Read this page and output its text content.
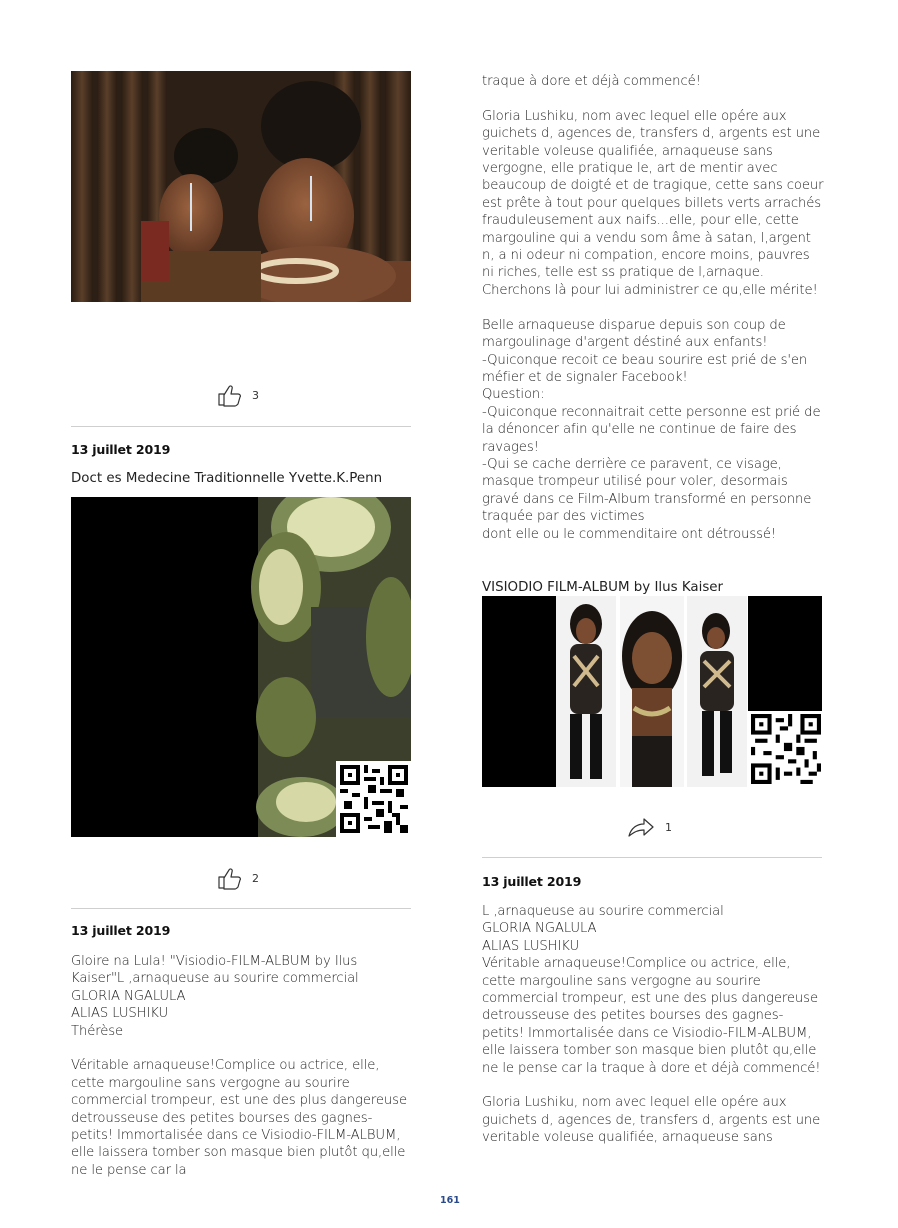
3
13 juillet 2019
Doct es Medecine Traditionnelle Yvette.K.Penn
2
13 juillet 2019
Gloire na Lula! "Visiodio-FILM-ALBUM by Ilus Kaiser"L ,arnaqueuse au sourire commercial
GLORIA NGALULA
ALIAS LUSHIKU
Thérèse

Véritable arnaqueuse!Complice ou actrice, elle, cette margouline sans vergogne au sourire commercial trompeur, est une des plus dangereuse detrousseuse des petites bourses des gagnes-petits! Immortalisée dans ce Visiodio-FILM-ALBUM, elle laissera tomber son masque bien plutôt qu,elle ne le pense car la
traque à dore et déjà commencé!

Gloria Lushiku, nom avec lequel elle opére aux guichets d, agences de, transfers d, argents est une veritable voleuse qualifiée, arnaqueuse sans vergogne, elle pratique le, art de mentir avec beaucoup de doigté et de tragique, cette sans coeur est prête à tout pour quelques billets verts arrachés frauduleusement aux naifs...elle, pour elle, cette margouline qui a vendu som âme à satan, l,argent n, a ni odeur ni compation, encore moins, pauvres ni riches, telle est ss pratique de l,arnaque. Cherchons là pour lui administrer ce qu,elle mérite!

Belle arnaqueuse disparue depuis son coup de margoulinage d'argent déstiné aux enfants!
-Quiconque recoit ce beau sourire est prié de s'en méfier et de signaler Facebook!
Question:
-Quiconque reconnaitrait cette personne est prié de la dénoncer afin qu'elle ne continue de faire des ravages!
-Qui se cache derrière ce paravent, ce visage, masque trompeur utilisé pour voler, desormais gravé dans ce Film-Album transformé en personne traquée par des victimes
dont elle ou le commenditaire ont détroussé!
VISIODIO FILM-ALBUM by Ilus Kaiser
1
13 juillet 2019
L ,arnaqueuse au sourire commercial
GLORIA NGALULA
ALIAS LUSHIKU
Véritable arnaqueuse!Complice ou actrice, elle, cette margouline sans vergogne au sourire commercial trompeur, est une des plus dangereuse detrousseuse des petites bourses des gagnes-petits! Immortalisée dans ce Visiodio-FILM-ALBUM, elle laissera tomber son masque bien plutôt qu,elle ne le pense car la traque à dore et déjà commencé!

Gloria Lushiku, nom avec lequel elle opére aux guichets d, agences de, transfers d, argents est une veritable voleuse qualifiée, arnaqueuse sans
161
